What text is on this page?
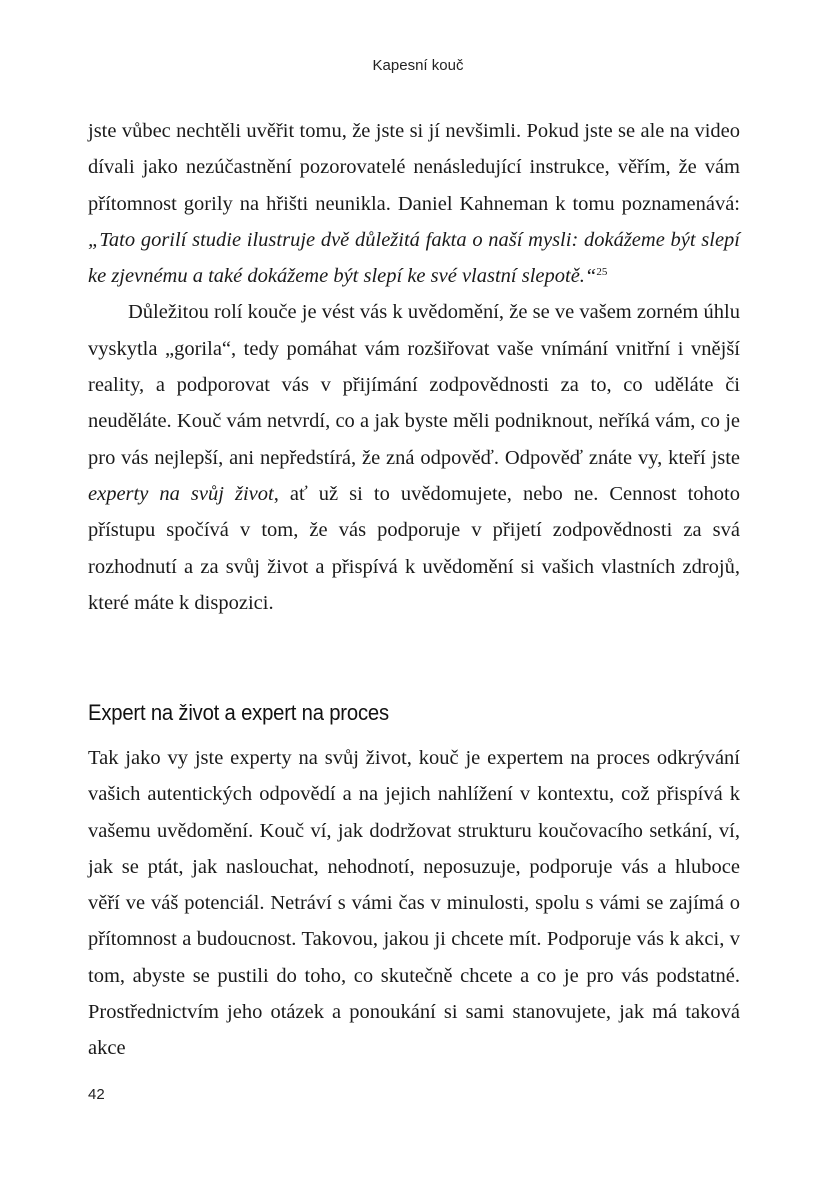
Kapesní kouč

jste vůbec nechtěli uvěřit tomu, že jste si jí nevšimli. Pokud jste se ale na video dívali jako nezúčastnění pozorovatelé nenásledující instrukce, věřím, že vám přítomnost gorily na hřišti neunikla. Daniel Kahneman k tomu poznamenává: „Tato gorilí studie ilustruje dvě důležitá fakta o naší mysli: dokážeme být slepí ke zjevnému a také dokážeme být slepí ke své vlastní slepotě.“$^{25}$

Důležitou rolí kouče je vést vás k uvědomění, že se ve vašem zorném úhlu vyskytla „gorila“, tedy pomáhat vám rozšiřovat vaše vnímání vnitřní i vnější reality, a podporovat vás v přijímání zodpovědnosti za to, co uděláte či neuděláte. Kouč vám netvrdí, co a jak byste měli podniknout, neříká vám, co je pro vás nejlepší, ani nepředstírá, že zná odpověď. Odpověď znáte vy, kteří jste experty na svůj život, ať už si to uvědomujete, nebo ne. Cennost tohoto přístupu spočívá v tom, že vás podporuje v přijetí zodpovědnosti za svá rozhodnutí a za svůj život a přispívá k uvědomění si vašich vlastních zdrojů, které máte k dispozici.

Expert na život a expert na proces

Tak jako vy jste experty na svůj život, kouč je expertem na proces odkrývání vašich autentických odpovědí a na jejich nahlížení v kontextu, což přispívá k vašemu uvědomění. Kouč ví, jak dodržovat strukturu koučovacího setkání, ví, jak se ptát, jak naslouchat, nehodnotí, neposuzuje, podporuje vás a hluboce věří ve váš potenciál. Netráví s vámi čas v minulosti, spolu s vámi se zajímá o přítomnost a budoucnost. Takovou, jakou ji chcete mít. Podporuje vás k akci, v tom, abyste se pustili do toho, co skutečně chcete a co je pro vás podstatné. Prostřednictvím jeho otázek a ponoukání si sami stanovujete, jak má taková akce

42
